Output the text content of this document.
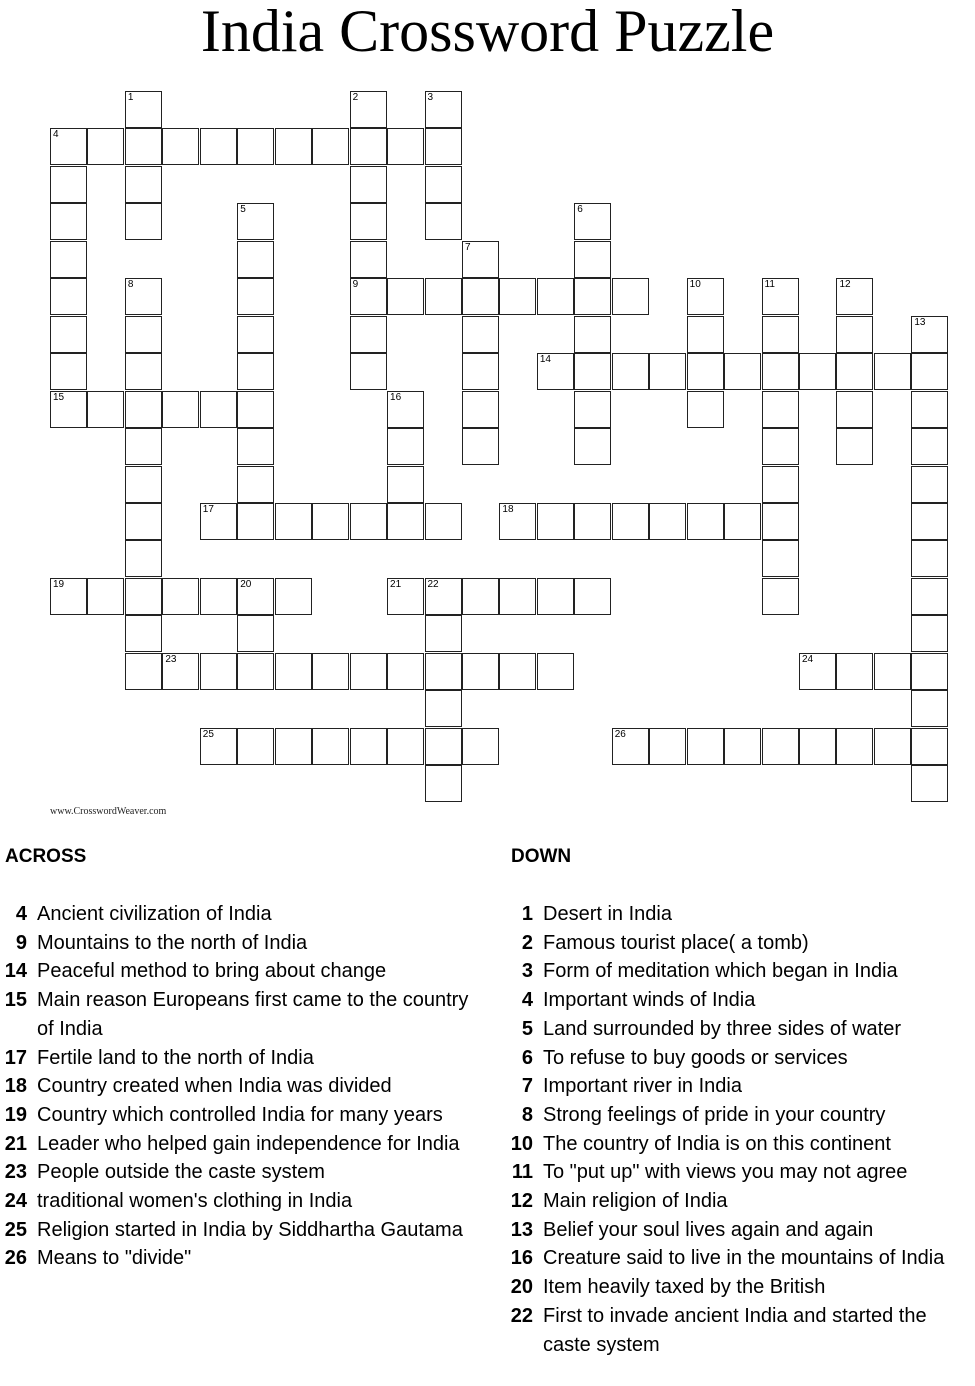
India Crossword Puzzle
1	2
9
3
4
15
5	6
7
8	10	11	12
13
14
16
17	18
19	20	21	22
23	24
25	26
www.CrosswordWeaver.com
ACROSS	DOWN
4 Ancient civilization of India
9 Mountains to the north of India
14 Peaceful method to bring about change
15 Main reason Europeans first came to the country of India
17 Fertile land to the north of India
18 Country created when India was divided
19 Country which controlled India for many years
21 Leader who helped gain independence for India
23 People outside the caste system
24 traditional women's clothing in India
25 Religion started in India by Siddhartha Gautama
26 Means to "divide"
1 Desert in India
2 Famous tourist place( a tomb)
3 Form of meditation which began in India
4 Important winds of India
5 Land surrounded by three sides of water
6 To refuse to buy goods or services
7 Important river in India
8 Strong feelings of pride in your country
10 The country of India is on this continent
11 To "put up" with views you may not agree
12 Main religion of India
13 Belief your soul lives again and again
16 Creature said to live in the mountains of India
20 Item heavily taxed by the British
22 First to invade ancient India and started the caste system
